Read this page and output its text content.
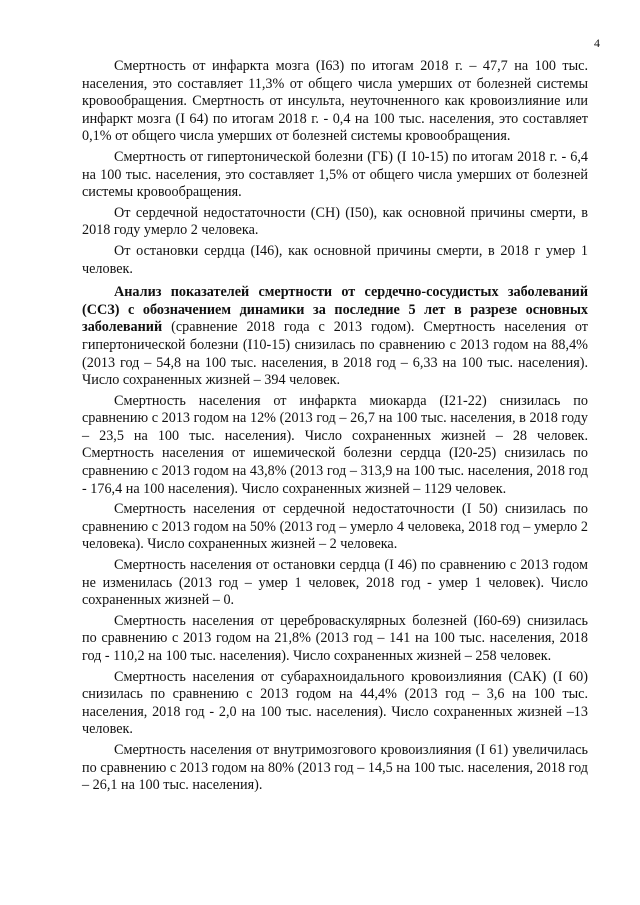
4

Смертность от инфаркта мозга (I63) по итогам 2018 г. – 47,7 на 100 тыс. населения, это составляет 11,3% от общего числа умерших от болезней системы кровообращения. Смертность от инсульта, неуточненного как кровоизлияние или инфаркт мозга (I 64) по итогам 2018 г. - 0,4 на 100 тыс. населения, это составляет 0,1% от общего числа умерших от болезней системы кровообращения.

Смертность от гипертонической болезни (ГБ) (I 10-15) по итогам 2018 г. - 6,4 на 100 тыс. населения, это составляет 1,5% от общего числа умерших от болезней системы кровообращения.

От сердечной недостаточности (СН) (I50), как основной причины смерти, в 2018 году умерло 2 человека.

От остановки сердца (I46), как основной причины смерти, в 2018 г умер 1 человек.

Анализ показателей смертности от сердечно-сосудистых заболеваний (ССЗ) с обозначением динамики за последние 5 лет в разрезе основных заболеваний (сравнение 2018 года с 2013 годом). Смертность населения от гипертонической болезни (I10-15) снизилась по сравнению с 2013 годом на 88,4% (2013 год – 54,8 на 100 тыс. населения, в 2018 год – 6,33 на 100 тыс. населения). Число сохраненных жизней – 394 человек.

Смертность населения от инфаркта миокарда (I21-22) снизилась по сравнению с 2013 годом на 12% (2013 год – 26,7 на 100 тыс. населения, в 2018 году – 23,5 на 100 тыс. населения). Число сохраненных жизней – 28 человек. Смертность населения от ишемической болезни сердца (I20-25) снизилась по сравнению с 2013 годом на 43,8% (2013 год – 313,9 на 100 тыс. населения, 2018 год - 176,4 на 100 населения). Число сохраненных жизней – 1129 человек.

Смертность населения от сердечной недостаточности (I 50) снизилась по сравнению с 2013 годом на 50% (2013 год – умерло 4 человека, 2018 год – умерло 2 человека). Число сохраненных жизней – 2 человека.

Смертность населения от остановки сердца (I 46) по сравнению с 2013 годом не изменилась (2013 год – умер 1 человек, 2018 год - умер 1 человек). Число сохраненных жизней – 0.

Смертность населения от цереброваскулярных болезней (I60-69) снизилась по сравнению с 2013 годом на 21,8% (2013 год – 141 на 100 тыс. населения, 2018 год - 110,2 на 100 тыс. населения). Число сохраненных жизней – 258 человек.

Смертность населения от субарахноидального кровоизлияния (САК) (I 60) снизилась по сравнению с 2013 годом на 44,4% (2013 год – 3,6 на 100 тыс. населения, 2018 год - 2,0 на 100 тыс. населения). Число сохраненных жизней –13 человек.

Смертность населения от внутримозгового кровоизлияния (I 61) увеличилась по сравнению с 2013 годом на 80% (2013 год – 14,5 на 100 тыс. населения, 2018 год – 26,1 на 100 тыс. населения).
